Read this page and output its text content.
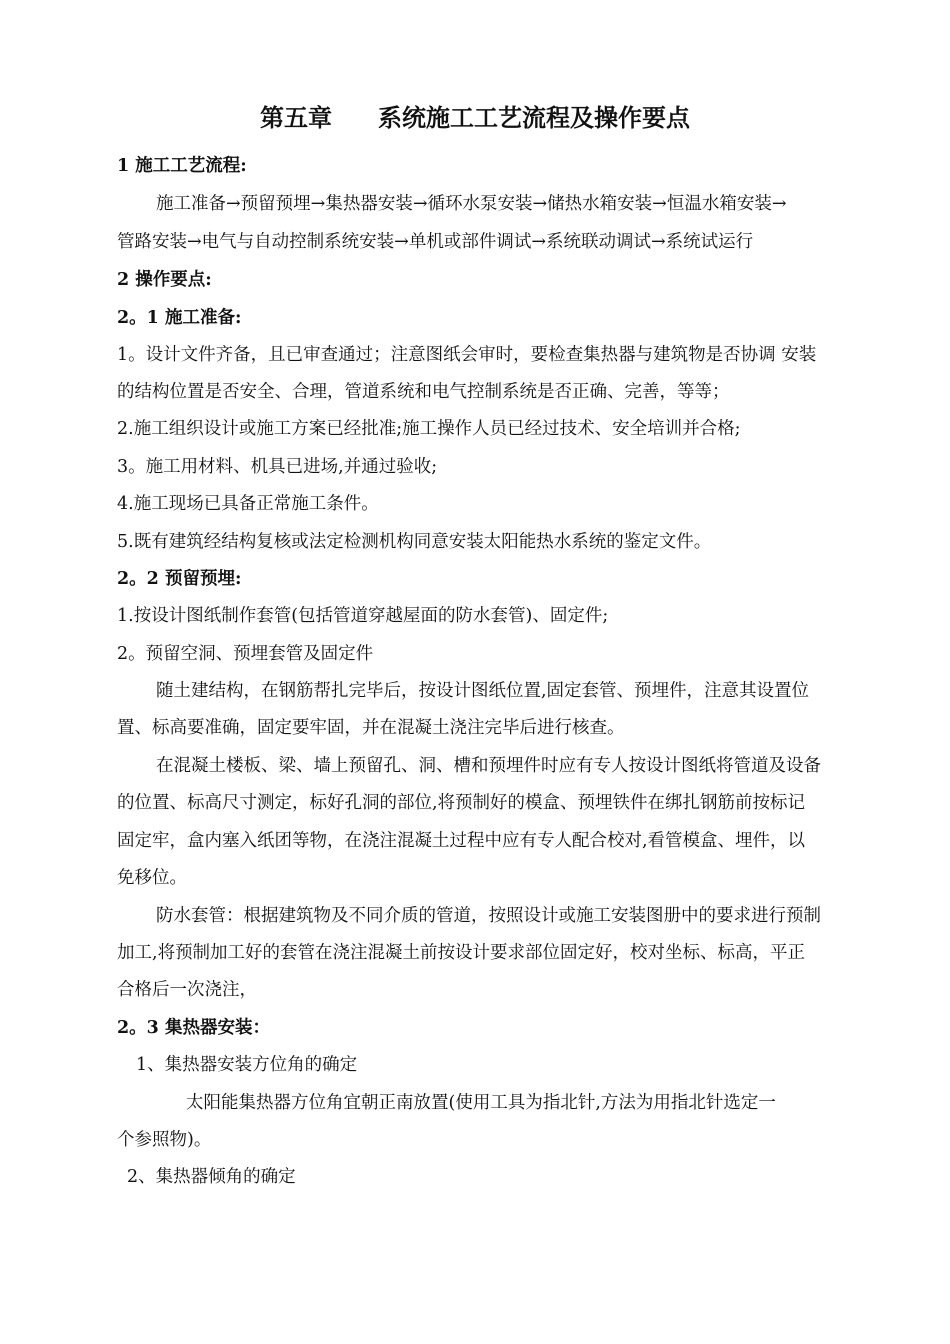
第五章 系统施工工艺流程及操作要点
1 施工工艺流程:
施工准备→预留预埋→集热器安装→循环水泵安装→储热水箱安装→恒温水箱安装→
管路安装→电气与自动控制系统安装→单机或部件调试→系统联动调试→系统试运行
2 操作要点:
2。1 施工准备:
1。设计文件齐备，且已审查通过；注意图纸会审时，要检查集热器与建筑物是否协调 安装
的结构位置是否安全、合理，管道系统和电气控制系统是否正确、完善，等等；
2.施工组织设计或施工方案已经批准;施工操作人员已经过技术、安全培训并合格;
3。施工用材料、机具已进场,并通过验收;
4.施工现场已具备正常施工条件。
5.既有建筑经结构复核或法定检测机构同意安装太阳能热水系统的鉴定文件。
2。2 预留预埋:
1.按设计图纸制作套管(包括管道穿越屋面的防水套管)、固定件;
2。预留空洞、预埋套管及固定件
随土建结构，在钢筋帮扎完毕后，按设计图纸位置,固定套管、预埋件，注意其设置位
置、标高要准确，固定要牢固，并在混凝土浇注完毕后进行核查。
在混凝土楼板、梁、墙上预留孔、洞、槽和预埋件时应有专人按设计图纸将管道及设备
的位置、标高尺寸测定，标好孔洞的部位,将预制好的模盒、预埋铁件在绑扎钢筋前按标记
固定牢，盒内塞入纸团等物，在浇注混凝土过程中应有专人配合校对,看管模盒、埋件，以
免移位。
防水套管：根据建筑物及不同介质的管道，按照设计或施工安装图册中的要求进行预制
加工,将预制加工好的套管在浇注混凝土前按设计要求部位固定好，校对坐标、标高，平正
合格后一次浇注，
2。3 集热器安装：
1、集热器安装方位角的确定
太阳能集热器方位角宜朝正南放置(使用工具为指北针,方法为用指北针选定一
个参照物)。
2、集热器倾角的确定
